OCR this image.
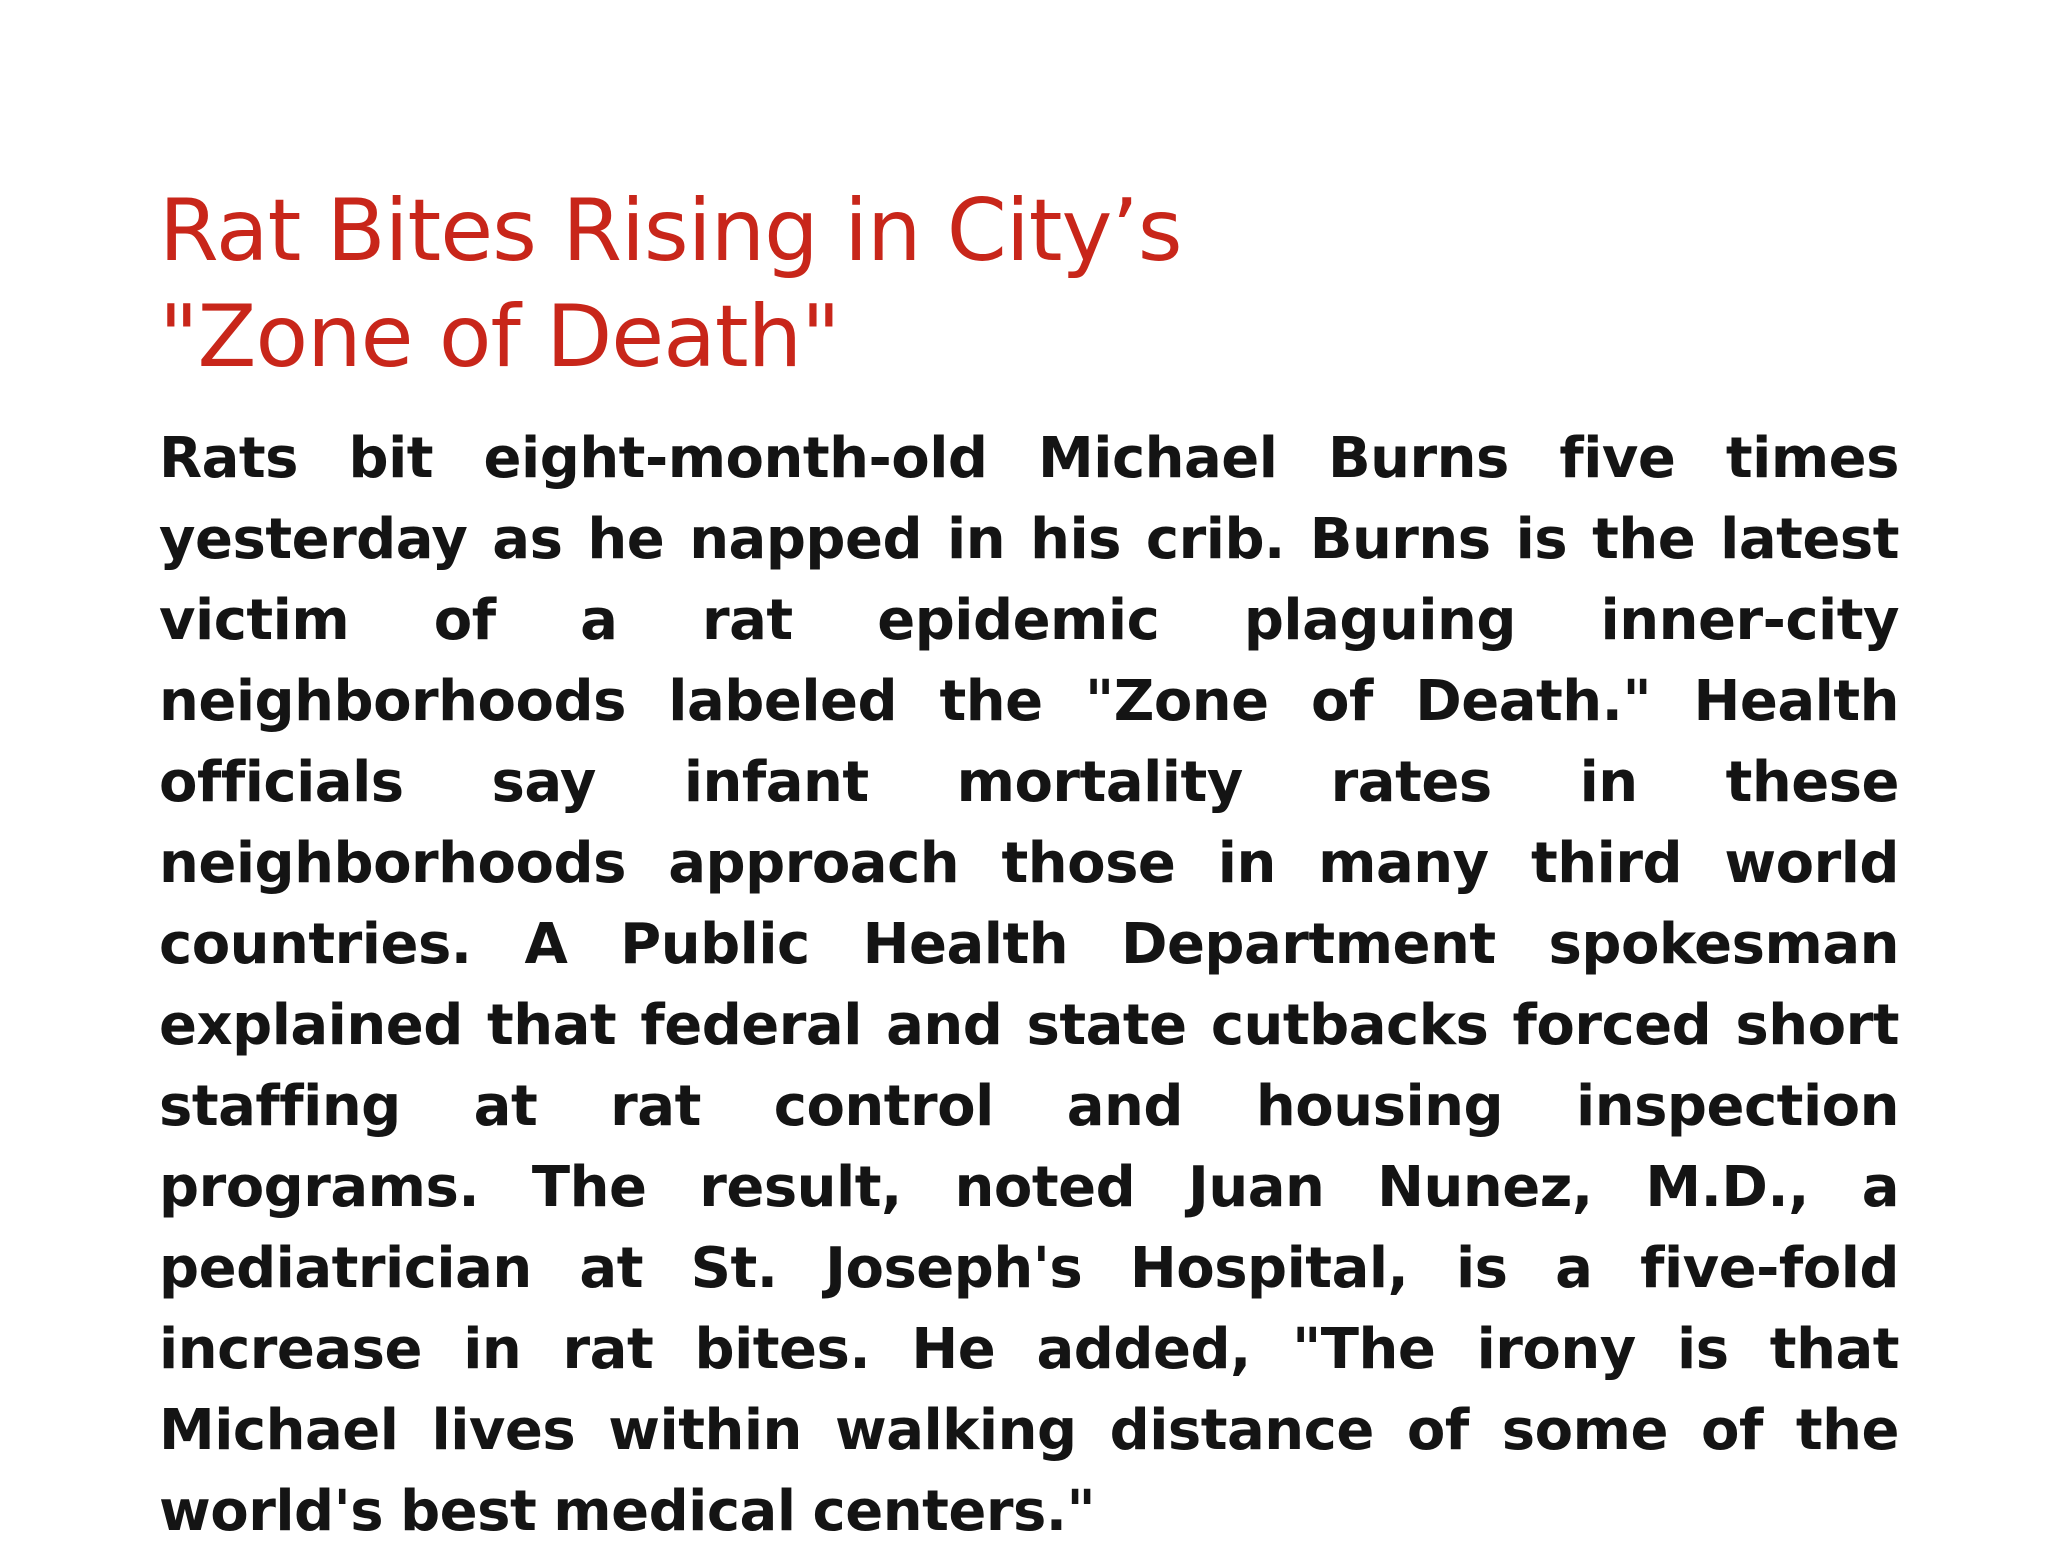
Rat Bites Rising in City’s
"Zone of Death"

Rats bit eight-month-old Michael Burns five times yesterday as he napped in his crib. Burns is the latest victim of a rat epidemic plaguing inner-city neighborhoods labeled the "Zone of Death." Health officials say infant mortality rates in these neighborhoods approach those in many third world countries. A Public Health Department spokesman explained that federal and state cutbacks forced short staffing at rat control and housing inspection programs. The result, noted Juan Nunez, M.D., a pediatrician at St. Joseph's Hospital, is a five-fold increase in rat bites. He added, "The irony is that Michael lives within walking distance of some of the world's best medical centers."
